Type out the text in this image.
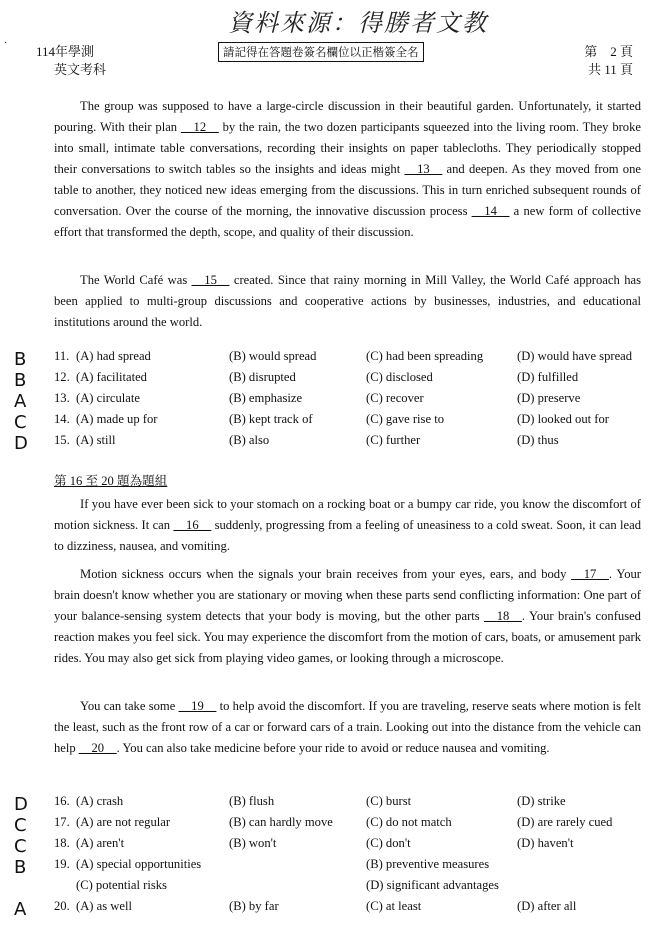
資料來源：得勝者文教
·
114年學測
英文考科
請記得在答題卷簽名欄位以正楷簽全名	第　2 頁
共 11 頁

The group was supposed to have a large-circle discussion in their beautiful garden. Unfortunately, it started pouring. With their plan __12__ by the rain, the two dozen participants squeezed into the living room. They broke into small, intimate table conversations, recording their insights on paper tablecloths. They periodically stopped their conversations to switch tables so the insights and ideas might __13__ and deepen. As they moved from one table to another, they noticed new ideas emerging from the discussions. This in turn enriched subsequent rounds of conversation. Over the course of the morning, the innovative discussion process __14__ a new form of collective effort that transformed the depth, scope, and quality of their discussion.

The World Café was __15__ created. Since that rainy morning in Mill Valley, the World Café approach has been applied to multi-group discussions and cooperative actions by businesses, industries, and educational institutions around the world.

B 11. (A) had spread	(B) would spread	(C) had been spreading	(D) would have spread
B 12. (A) facilitated	(B) disrupted	(C) disclosed	(D) fulfilled
A 13. (A) circulate	(B) emphasize	(C) recover	(D) preserve
C 14. (A) made up for	(B) kept track of	(C) gave rise to	(D) looked out for
D 15. (A) still	(B) also	(C) further	(D) thus
第 16 至 20 題為題組

If you have ever been sick to your stomach on a rocking boat or a bumpy car ride, you know the discomfort of motion sickness. It can __16__ suddenly, progressing from a feeling of uneasiness to a cold sweat. Soon, it can lead to dizziness, nausea, and vomiting.

Motion sickness occurs when the signals your brain receives from your eyes, ears, and body __17__. Your brain doesn't know whether you are stationary or moving when these parts send conflicting information: One part of your balance-sensing system detects that your body is moving, but the other parts __18__. Your brain's confused reaction makes you feel sick. You may experience the discomfort from the motion of cars, boats, or amusement park rides. You may also get sick from playing video games, or looking through a microscope.

You can take some __19__ to help avoid the discomfort. If you are traveling, reserve seats where motion is felt the least, such as the front row of a car or forward cars of a train. Looking out into the distance from the vehicle can help __20__. You can also take medicine before your ride to avoid or reduce nausea and vomiting.

D 16. (A) crash	(B) flush	(C) burst	(D) strike
C 17. (A) are not regular	(B) can hardly move	(C) do not match	(D) are rarely cued
C 18. (A) aren't	(B) won't	(C) don't	(D) haven't
B 19. (A) special opportunities	(B) preventive measures
(C) potential risks	(D) significant advantages
A 20. (A) as well	(B) by far	(C) at least	(D) after all
